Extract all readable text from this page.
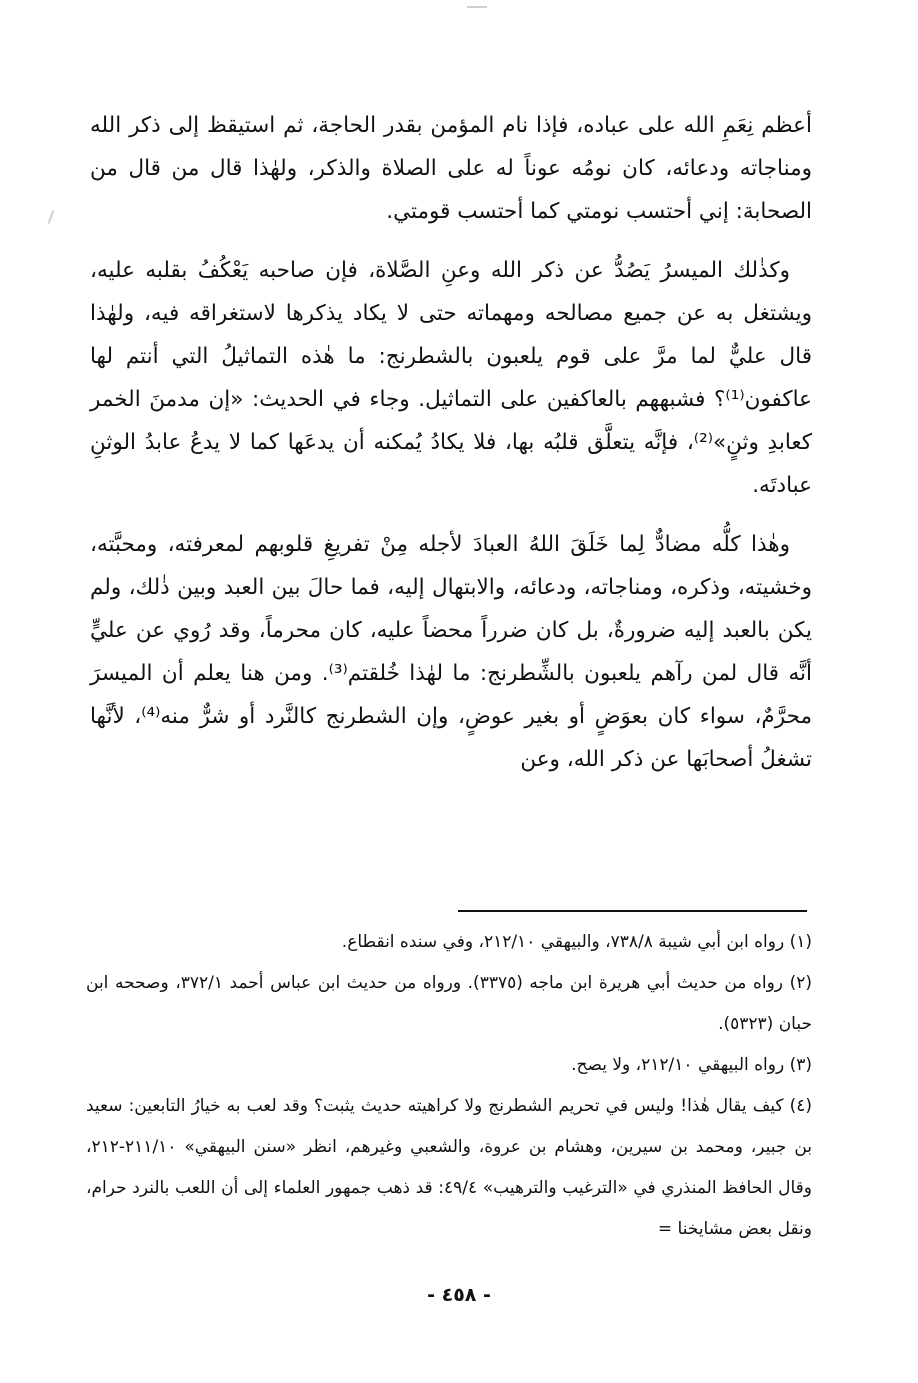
أعظم نِعَمِ الله على عباده، فإذا نام المؤمن بقدر الحاجة، ثم استيقظ إلى ذكر الله ومناجاته ودعائه، كان نومُه عوناً له على الصلاة والذكر، ولهٰذا قال من قال من الصحابة: إني أحتسب نومتي كما أحتسب قومتي.

وكذٰلك الميسرُ يَصُدُّ عن ذكر الله وعنِ الصَّلاة، فإن صاحبه يَعْكُفُ بقلبه عليه، ويشتغل به عن جميع مصالحه ومهماته حتى لا يكاد يذكرها لاستغراقه فيه، ولهٰذا قال عليٌّ لما مرَّ على قوم يلعبون بالشطرنج: ما هٰذه التماثيلُ التي أنتم لها عاكفون⁽¹⁾؟ فشبههم بالعاكفين على التماثيل. وجاء في الحديث: «إن مدمنَ الخمر كعابدِ وثنٍ»⁽²⁾، فإنَّه يتعلَّق قلبُه بها، فلا يكادُ يُمكنه أن يدعَها كما لا يدعُ عابدُ الوثنِ عبادتَه.

وهٰذا كلُّه مضادٌّ لِما خَلَقَ اللهُ العبادَ لأجله مِنْ تفريغِ قلوبهم لمعرفته، ومحبَّته، وخشيته، وذكره، ومناجاته، ودعائه، والابتهال إليه، فما حالَ بين العبد وبين ذٰلك، ولم يكن بالعبد إليه ضرورةٌ، بل كان ضرراً محضاً عليه، كان محرماً، وقد رُوي عن عليٍّ أنَّه قال لمن رآهم يلعبون بالشِّطرنج: ما لهٰذا خُلقتم⁽³⁾. ومن هنا يعلم أن الميسرَ محرَّمٌ، سواء كان بعوَضٍ أو بغير عوضٍ، وإن الشطرنج كالنَّرد أو شرٌّ منه⁽⁴⁾، لأنَّها تشغلُ أصحابَها عن ذكر الله، وعن

(١) رواه ابن أبي شيبة ٧٣٨/٨، والبيهقي ٢١٢/١٠، وفي سنده انقطاع.

(٢) رواه من حديث أبي هريرة ابن ماجه (٣٣٧٥). ورواه من حديث ابن عباس أحمد ٣٧٢/١، وصححه ابن حبان (٥٣٢٣).

(٣) رواه البيهقي ٢١٢/١٠، ولا يصح.

(٤) كيف يقال هٰذا! وليس في تحريم الشطرنج ولا كراهيته حديث يثبت؟ وقد لعب به خيارُ التابعين: سعيد بن جبير، ومحمد بن سيرين، وهشام بن عروة، والشعبي وغيرهم، انظر «سنن البيهقي» ٢١١/١٠-٢١٢، وقال الحافظ المنذري في «الترغيب والترهيب» ٤٩/٤: قد ذهب جمهور العلماء إلى أن اللعب بالنرد حرام، ونقل بعض مشايخنا =

- ٤٥٨ -
